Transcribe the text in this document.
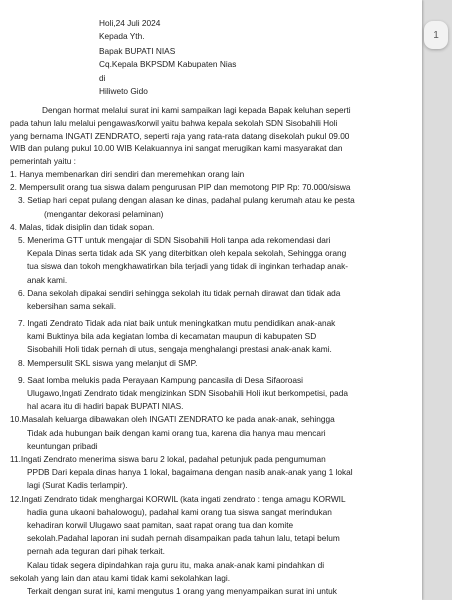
Holi,24 Juli 2024
Kepada Yth.
Bapak BUPATI NIAS
Cq.Kepala BKPSDM Kabupaten Nias
di
Hiliweto Gido
Dengan hormat melalui surat ini kami sampaikan lagi kepada Bapak keluhan seperti
pada tahun lalu melalui pengawas/korwil yaitu bahwa kepala sekolah SDN Sisobahili Holi
yang bernama INGATI ZENDRATO, seperti raja yang rata-rata datang disekolah pukul 09.00
WIB dan pulang pukul 10.00 WIB Kelakuannya ini sangat merugikan kami masyarakat dan
pemerintah yaitu :
1. Hanya membenarkan diri sendiri dan meremehkan orang lain
2. Mempersulit orang tua siswa dalam pengurusan PIP dan memotong PIP Rp: 70.000/siswa
3. Setiap hari cepat pulang dengan alasan ke dinas, padahal pulang kerumah atau ke pesta
(mengantar dekorasi pelaminan)
4. Malas, tidak disiplin dan tidak sopan.
5. Menerima GTT untuk mengajar di SDN Sisobahili Holi tanpa ada rekomendasi dari
Kepala Dinas serta tidak ada SK yang diterbitkan oleh kepala sekolah, Sehingga orang
tua siswa dan tokoh mengkhawatirkan bila terjadi yang tidak di inginkan terhadap anak-
anak kami.
6. Dana sekolah dipakai sendiri sehingga sekolah itu tidak pernah dirawat dan tidak ada
kebersihan sama sekali.
7. Ingati Zendrato Tidak ada niat baik untuk meningkatkan mutu pendidikan anak-anak
kami Buktinya bila ada kegiatan lomba di kecamatan maupun di kabupaten SD
Sisobahili Holi tidak pernah di utus, sengaja menghalangi prestasi anak-anak kami.
8. Mempersulit SKL siswa yang melanjut di SMP.
9. Saat lomba melukis pada Perayaan Kampung pancasila di Desa Sifaoroasi
Ulugawo,Ingati Zendrato tidak mengizinkan SDN Sisobahili Holi ikut berkompetisi, pada
hal acara itu di hadiri bapak BUPATI NIAS.
10.Masalah keluarga dibawakan oleh INGATI ZENDRATO ke pada anak-anak, sehingga
Tidak ada hubungan baik dengan kami orang tua, karena dia hanya mau mencari
keuntungan pribadi
11.Ingati Zendrato menerima siswa baru 2 lokal, padahal petunjuk pada pengumuman
PPDB Dari kepala dinas hanya 1 lokal, bagaimana dengan nasib anak-anak yang 1 lokal
lagi (Surat Kadis terlampir).
12.Ingati Zendrato tidak menghargai KORWIL (kata ingati zendrato : tenga amagu KORWIL
hadia guna ukaoni bahalowogu), padahal kami orang tua siswa sangat merindukan
kehadiran korwil Ulugawo saat pamitan, saat rapat orang tua dan komite
sekolah.Padahal laporan ini sudah pernah disampaikan pada tahun lalu, tetapi belum
pernah ada teguran dari pihak terkait.
Kalau tidak segera dipindahkan raja guru itu, maka anak-anak kami pindahkan di
sekolah yang lain dan atau kami tidak kami sekolahkan lagi.
Terkait dengan surat ini, kami mengutus 1 orang yang menyampaikan surat ini untuk
1
